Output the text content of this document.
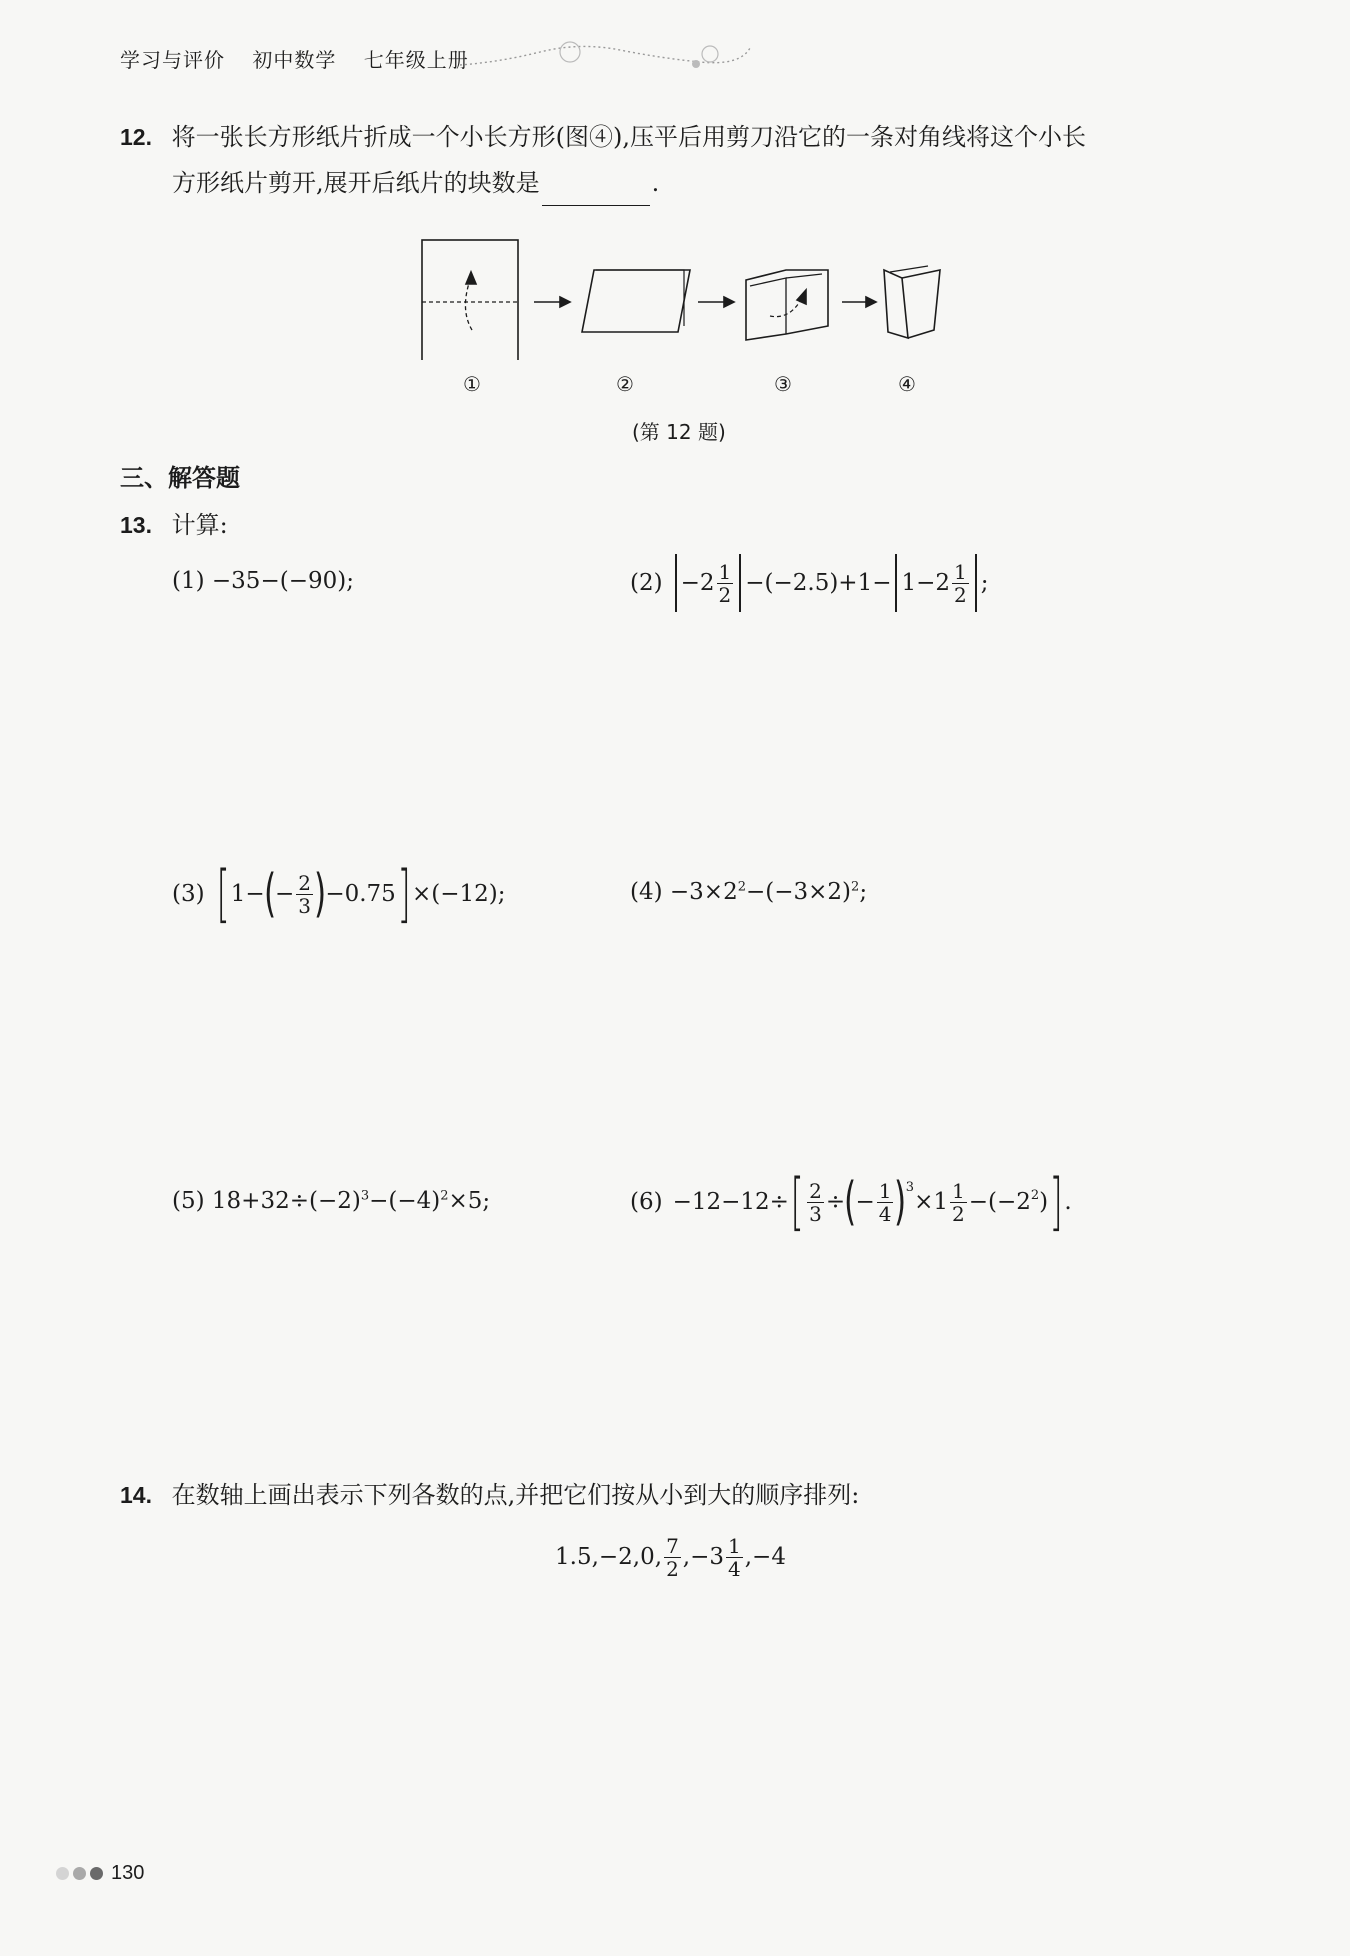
学习与评价 初中数学 七年级上册
12. 将一张长方形纸片折成一个小长方形(图④),压平后用剪刀沿它的一条对角线将这个小长
方形纸片剪开,展开后纸片的块数是	.
①	②	③	④
(第 12 题)
三、解答题
13. 计算:
(1) −35−(−90);	$(2) -2 \frac{1}{2} -(-2.5)+1- 1-2 \frac{1}{2}$ ;
(3) [ 1− ( − $\frac{2}{3}$ ) −0.75 ] ×(−12);	$(4) -3\times 2^2-(-3\times 2)^2$;
(5) $18+32\div(-2)^3-(-4)^2\times 5$;	(6) −12−12÷ [ $\frac{2}{3}$ ÷ ( − $\frac{1}{4} )^3$
$\times 1 \frac{1}{2} -(-2^2$ ) ] .
14. 在数轴上画出表示下列各数的点,并把它们按从小到大的顺序排列:
1.5,−2,0, $\frac{7}{2} ,-3 \frac{1}{4} ,-4$
130
